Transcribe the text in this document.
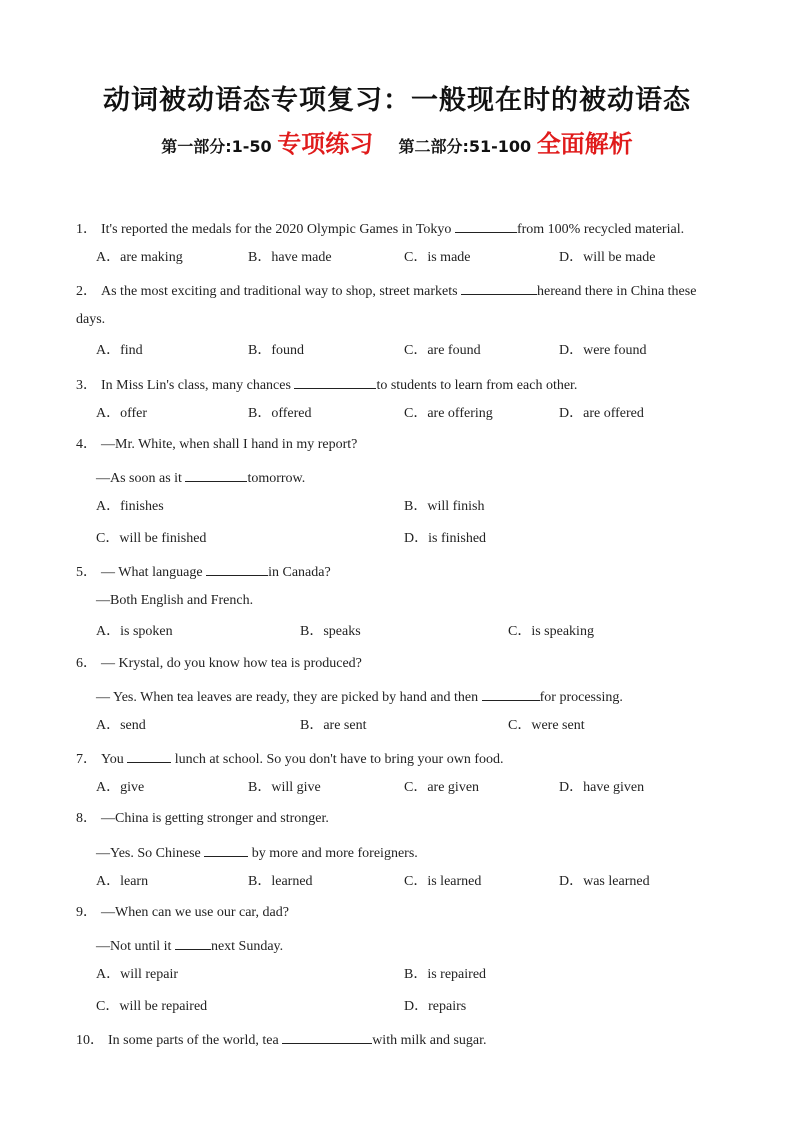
动词被动语态专项复习：一般现在时的被动语态
第一部分:1-50 专项练习 第二部分:51-100 全面解析
1． It's reported the medals for the 2020 Olympic Games in Tokyo	from 100% recycled material.
A．are making	B．have made	C．is made	D．will be made
2． As the most exciting and traditional way to shop, street markets	hereand there in China these
days.
A．find	B．found	C．are found	D．were found
3． In Miss Lin's class, many chances	to students to learn from each other.
A．offer	B．offered	C．are offering	D．are offered
4． —Mr. White, when shall I hand in my report?
—As soon as it	tomorrow.
A．finishes	B．will finish
C．will be finished	D．is finished
5． — What language	in Canada?
—Both English and French.
A．is spoken	B．speaks	C．is speaking
6． — Krystal, do you know how tea is produced?
— Yes. When tea leaves are ready, they are picked by hand and then	for processing.
A．send	B．are sent	C．were sent
7． You	lunch at school. So you don't have to bring your own food.
A．give	B．will give	C．are given	D．have given
8． —China is getting stronger and stronger.
—Yes. So Chinese	by more and more foreigners.
A．learn	B．learned	C．is learned	D．was learned
9． —When can we use our car, dad?
—Not until it	next Sunday.
A．will repair	B．is repaired
C．will be repaired	D．repairs
10． In some parts of the world, tea	with milk and sugar.
